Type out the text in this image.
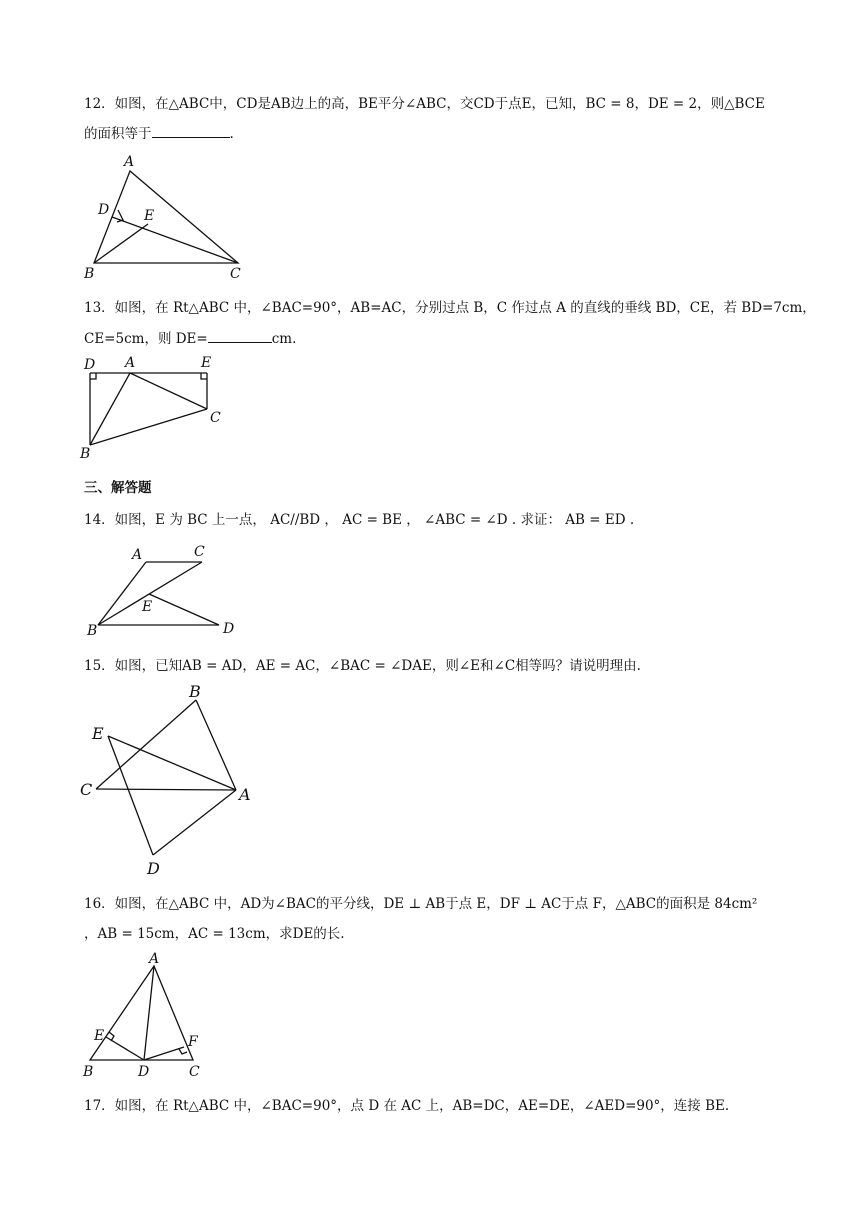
12．如图，在△ABC中，CD是AB边上的高，BE平分∠ABC，交CD于点E，已知，BC = 8，DE = 2，则△BCE
的面积等于	.
A
D E
B	C
13．如图，在 Rt△ABC 中，∠BAC=90°，AB=AC，分别过点 B，C 作过点 A 的直线的垂线 BD，CE，若 BD=7cm，
CE=5cm，则 DE=	cm.
D A	E
C
B
三、解答题
14．如图，E 为 BC 上一点， AC//BD ， AC = BE ， ∠ABC = ∠D . 求证： AB = ED .
A	C
E
B	D
15．如图，已知AB = AD，AE = AC，∠BAC = ∠DAE，则∠E和∠C相等吗？请说明理由.
B
E
C	A
D
16．如图，在△ABC 中，AD为∠BAC的平分线，DE ⊥ AB于点 E，DF ⊥ AC于点 F，△ABC的面积是 84cm²
，AB = 15cm，AC = 13cm，求DE的长.
A
E	F
B	D	C
17．如图，在 Rt△ABC 中，∠BAC=90°，点 D 在 AC 上，AB=DC，AE=DE，∠AED=90°，连接 BE.
